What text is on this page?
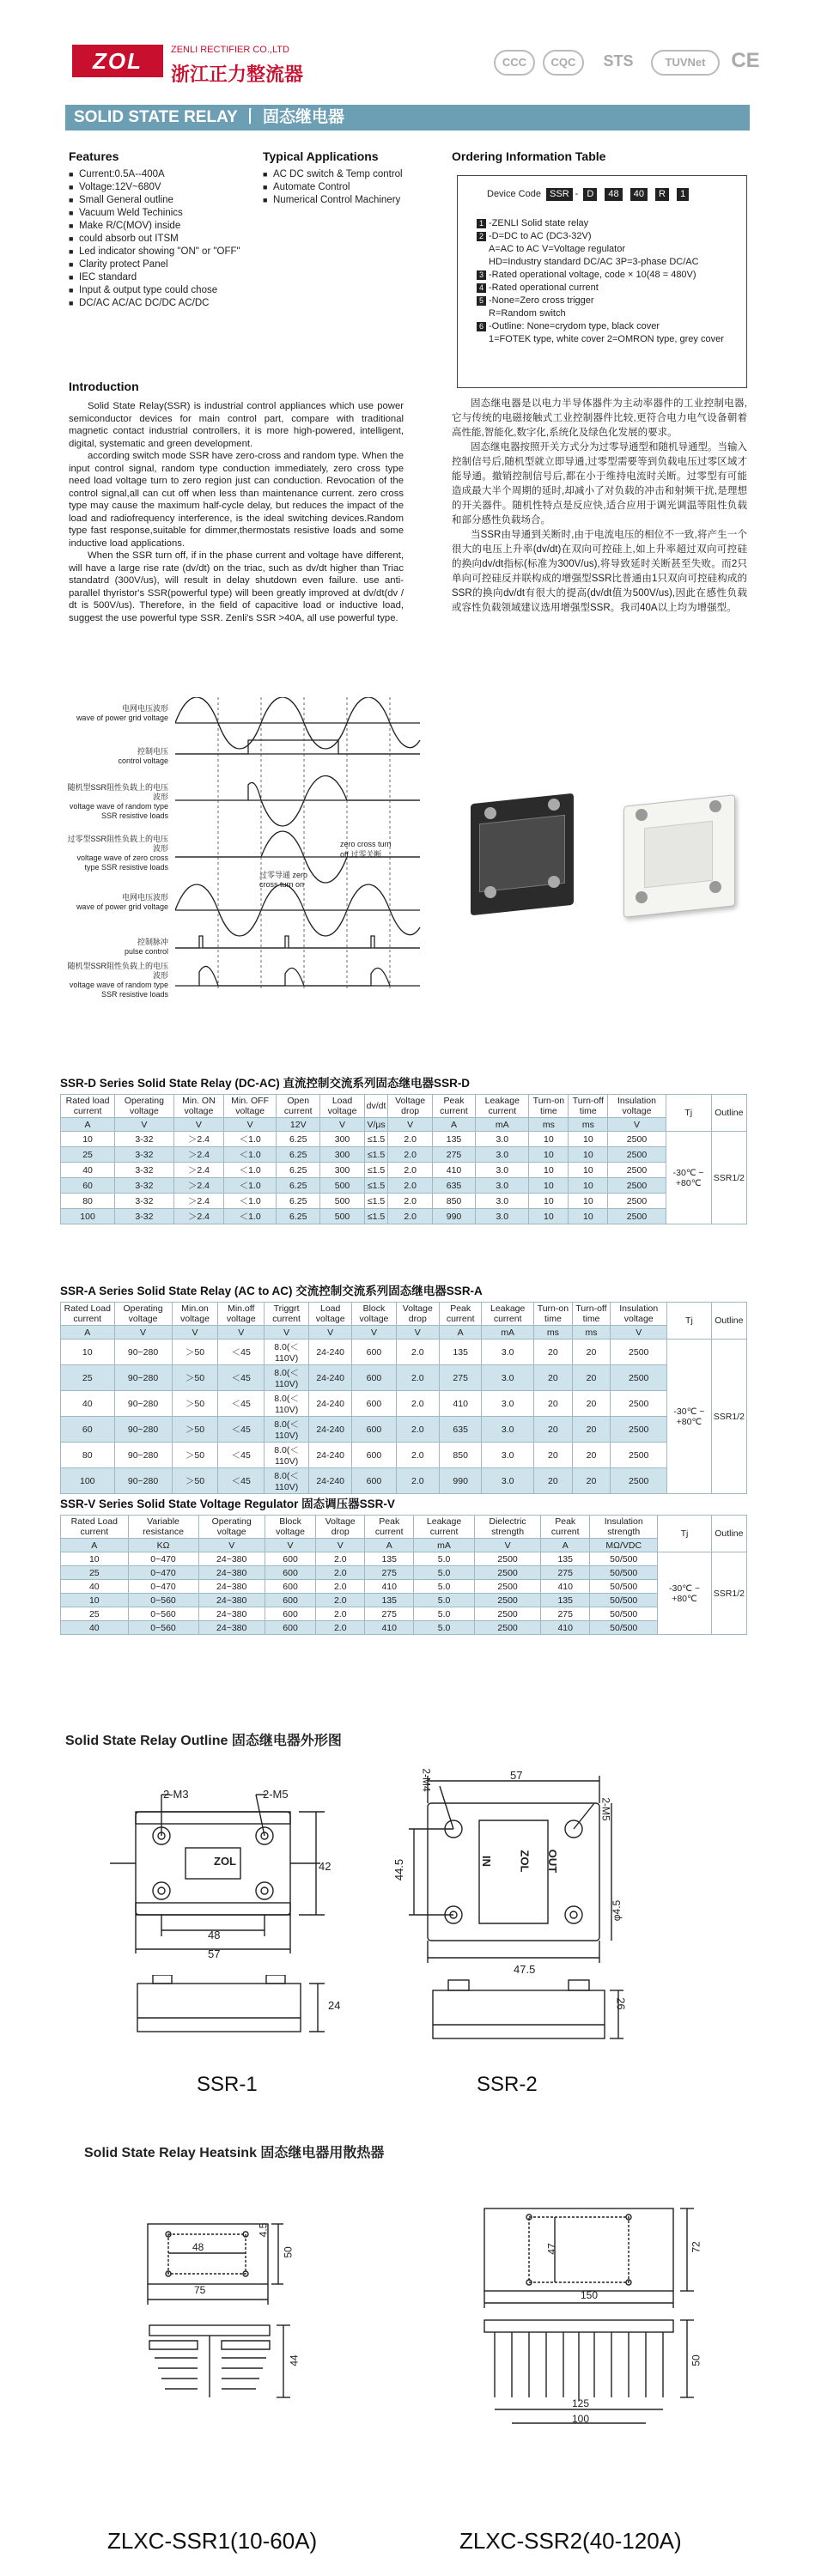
ZOL	ZENLI RECTIFIER CO.,LTD
浙江正力整流器
CCC	CQC	STS	TUVNet	CE
SOLID STATE RELAY 丨 固态继电器
Features
■ Current:0.5A--400A
■ Voltage:12V~680V
■ Small General outline
■ Vacuum Weld Techinics
■ Make R/C(MOV) inside
■ could absorb out ITSM
■ Led indicator showing "ON" or "OFF"
■ Clarity protect Panel
■ IEC standard
■ Input & output type could chose
■ DC/AC AC/AC DC/DC AC/DC
Typical Applications
■ AC DC switch & Temp control
■ Automate Control
■ Numerical Control Machinery
Ordering Information Table
Device Code SSR - D 48 40 R 1
1 -ZENLI Solid state relay
2 -D=DC to AC (DC3-32V)
A=AC to AC V=Voltage regulator
HD=Industry standard DC/AC 3P=3-phase DC/AC
3 -Rated operational voltage, code × 10(48 = 480V)
4 -Rated operational current
5 -None=Zero cross trigger
R=Random switch
6 -Outline: None=crydom type, black cover
1=FOTEK type, white cover 2=OMRON type, grey cover
Introduction

Solid State Relay(SSR) is industrial control appliances which use power semiconductor devices for main control part, compare with traditional magnetic contact industrial controllers, it is more high-powered, intelligent, digital, systematic and green development.

according switch mode SSR have zero-cross and random type. When the input control signal, random type conduction immediately, zero cross type need load voltage turn to zero region just can conduction. Revocation of the control signal,all can cut off when less than maintenance current. zero cross type may cause the maximum half-cycle delay, but reduces the impact of the load and radiofrequency interference, is the ideal switching devices.Random type fast response,suitable for dimmer,thermostats resistive loads and some inductive load applications.

When the SSR turn off, if in the phase current and voltage have different, will have a large rise rate (dv/dt) on the triac, such as dv/dt higher than Triac standatrd (300V/us), will result in delay shutdown even failure. use anti-parallel thyristor's SSR(powerful type) will been greatly improved at dv/dt(dv / dt is 500V/us). Therefore, in the field of capacitive load or inductive load, suggest the use powerful type SSR. Zenli's SSR >40A, all use powerful type.

固态继电器是以电力半导体器件为主动率器件的工业控制电器,它与传统的电磁接触式工业控制器件比较,更符合电力电气设备朝着高性能,智能化,数字化,系统化及绿色化发展的要求。

固态继电器按照开关方式分为过零导通型和随机导通型。当输入控制信号后,随机型就立即导通,过零型需要等到负载电压过零区域才能导通。撤销控制信号后,都在小于维持电流时关断。过零型有可能造成最大半个周期的延时,却减小了对负载的冲击和射频干扰,是理想的开关器件。随机性特点是反应快,适合应用于调光调温等阻性负载和部分感性负载场合。

当SSR由导通到关断时,由于电流电压的相位不一致,将产生一个很大的电压上升率(dv/dt)在双向可控硅上,如上升率超过双向可控硅的换向dv/dt指标(标准为300V/us),将导致延时关断甚至失败。而2只单向可控硅反并联构成的增强型SSR比普通由1只双向可控硅构成的SSR的换向dv/dt有很大的提高(dv/dt值为500V/us),因此在感性负载或容性负载领域建议选用增强型SSR。我司40A以上均为增强型。

电网电压波形
wave of power grid voltage
控制电压
control voltage
随机型SSR阻性负载上的电压波形
voltage wave of random type SSR resistive loads
过零型SSR阻性负载上的电压波形
voltage wave of zero cross type SSR resistive loads
电网电压波形
wave of power grid voltage
控制脉冲
pulse control
随机型SSR阻性负载上的电压波形
voltage wave of random type SSR resistive loads
过零导通 zero cross turn on
zero cross turn off 过零关断
SSR-D Series Solid State Relay (DC-AC) 直流控制交流系列固态继电器SSR-D
Rated load current	Operating voltage	Min. ON voltage	Min. OFF voltage	Open current	Load voltage	dv/dt	Voltage drop	Peak current	Leakage current	Turn-on time	Turn-off time	Insulation voltage	Tj	Outline
A	V	V	V	12V	V	V/μs	V	A	mA	ms	ms	V		
10	3-32	＞2.4	＜1.0	6.25	300	≤1.5	2.0	135	3.0	10	10	2500	-30℃ ~ +80℃	SSR1/2
25	3-32	＞2.4	＜1.0	6.25	300	≤1.5	2.0	275	3.0	10	10	2500		
40	3-32	＞2.4	＜1.0	6.25	300	≤1.5	2.0	410	3.0	10	10	2500		
60	3-32	＞2.4	＜1.0	6.25	500	≤1.5	2.0	635	3.0	10	10	2500		
80	3-32	＞2.4	＜1.0	6.25	500	≤1.5	2.0	850	3.0	10	10	2500		
100	3-32	＞2.4	＜1.0	6.25	500	≤1.5	2.0	990	3.0	10	10	2500		
SSR-A Series Solid State Relay (AC to AC) 交流控制交流系列固态继电器SSR-A
Rated Load current	Operating voltage	Min.on voltage	Min.off voltage	Triggrt current	Load voltage	Block voltage	Voltage drop	Peak current	Leakage current	Turn-on time	Turn-off time	Insulation voltage	Tj	Outline
A	V	V	V	V	V	V	V	A	mA	ms	ms	V		
10	90~280	＞50	＜45	8.0(＜110V)	24-240	600	2.0	135	3.0	20	20	2500	-30℃ ~ +80℃	SSR1/2
25	90~280	＞50	＜45	8.0(＜110V)	24-240	600	2.0	275	3.0	20	20	2500		
40	90~280	＞50	＜45	8.0(＜110V)	24-240	600	2.0	410	3.0	20	20	2500		
60	90~280	＞50	＜45	8.0(＜110V)	24-240	600	2.0	635	3.0	20	20	2500		
80	90~280	＞50	＜45	8.0(＜110V)	24-240	600	2.0	850	3.0	20	20	2500		
100	90~280	＞50	＜45	8.0(＜110V)	24-240	600	2.0	990	3.0	20	20	2500		
SSR-V Series Solid State Voltage Regulator 固态调压器SSR-V
Rated Load current	Variable resistance	Operating voltage	Block voltage	Voltage drop	Peak current	Leakage current	Dielectric strength	Peak current	Insulation strength	Tj	Outline
A	KΩ	V	V	V	A	mA	V	A	MΩ/VDC		
10	0~470	24~380	600	2.0	135	5.0	2500	135	50/500	-30℃ ~ +80℃	SSR1/2
25	0~470	24~380	600	2.0	275	5.0	2500	275	50/500		
40	0~470	24~380	600	2.0	410	5.0	2500	410	50/500		
10	0~560	24~380	600	2.0	135	5.0	2500	135	50/500		
25	0~560	24~380	600	2.0	275	5.0	2500	275	50/500		
40	0~560	24~380	600	2.0	410	5.0	2500	410	50/500		
Solid State Relay Outline 固态继电器外形图
2-M3	2-M5
ZOL	42
48
57
24
SSR-1
2-M4
2-M5
57
44.5
φ4.5
47.5
IN ZOL OUT
26
SSR-2
Solid State Relay Heatsink 固态继电器用散热器
48
4.5
50
75
44
ZLXC-SSR1(10-60A)
47	72
150
50
125
100
ZLXC-SSR2(40-120A)
